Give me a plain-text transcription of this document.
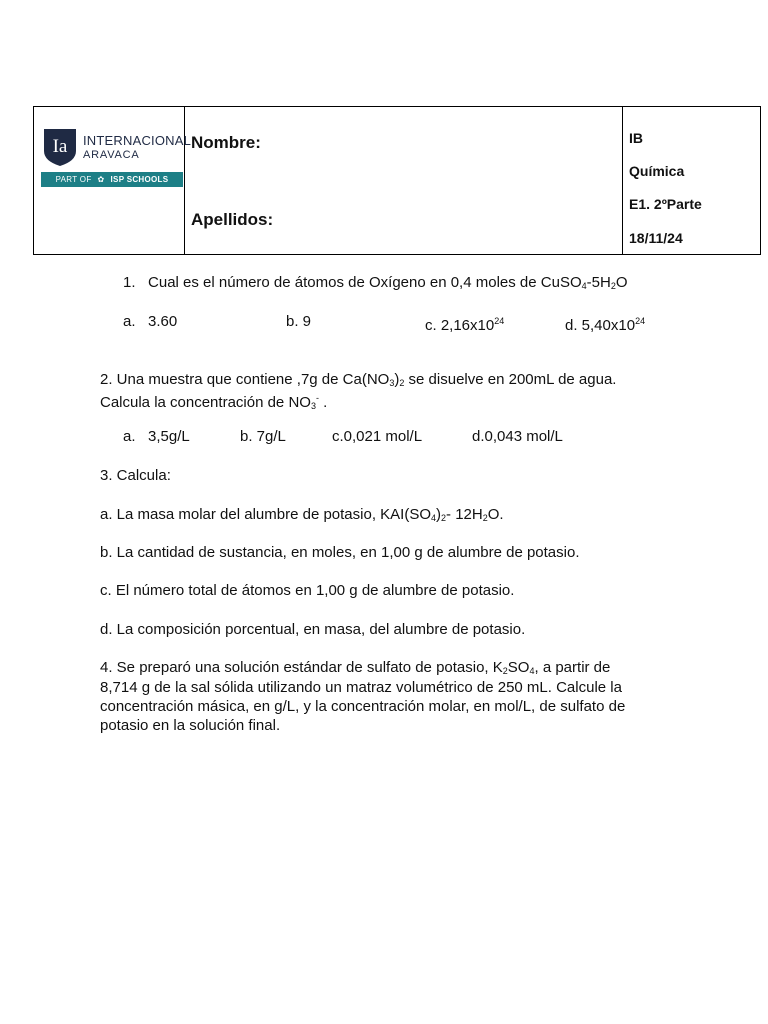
Ia INTERNACIONAL
ARAVACA
PART OF ✿ ISP SCHOOLS
Nombre:
Apellidos:
IB
Química
E1. 2ºParte
18/11/24
1. Cual es el número de átomos de Oxígeno en 0,4 moles de $CuSO_4-5H_2O$
a. 3.60	b. 9	c. $2,16x10^{24}$	d. $5,40x10^{24}$
2. Una muestra que contiene ,7g de $Ca(NO_3)_2$ se disuelve en 200mL de agua.
Calcula la concentración de $NO_3^-$ .
a. 3,5g/L	b. 7g/L	c.0,021 mol/L	d.0,043 mol/L
3. Calcula:
a. La masa molar del alumbre de potasio, $KAI(SO_4)_2-$ $12H_2O$.
b. La cantidad de sustancia, en moles, en 1,00 g de alumbre de potasio.
c. El número total de átomos en 1,00 g de alumbre de potasio.
d. La composición porcentual, en masa, del alumbre de potasio.
4. Se preparó una solución estándar de sulfato de potasio, $K_2SO_4$, a partir de
8,714 g de la sal sólida utilizando un matraz volumétrico de 250 mL. Calcule la
concentración másica, en g/L, y la concentración molar, en mol/L, de sulfato de
potasio en la solución final.
